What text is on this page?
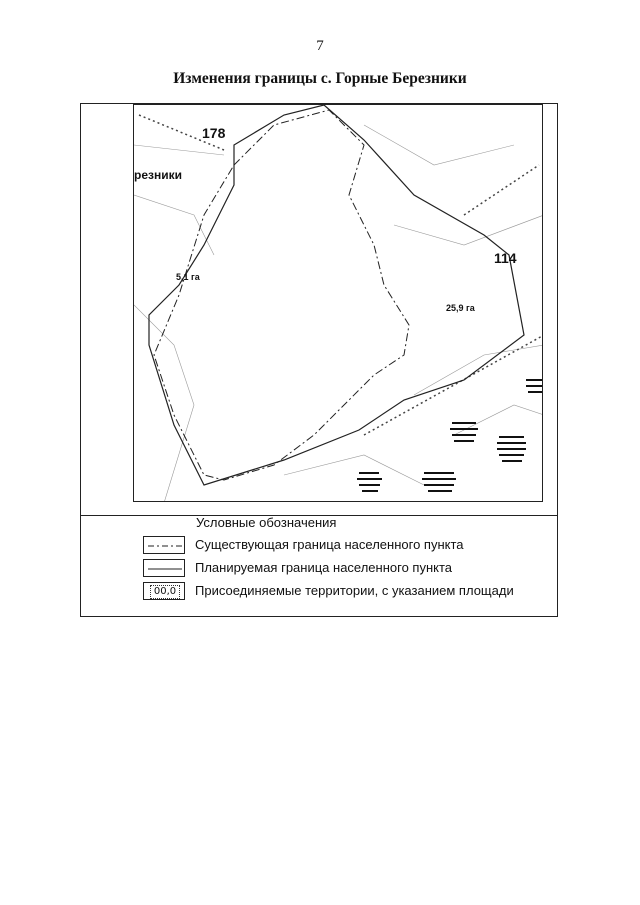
7
Изменения границы с. Горные Березники
178
резники
114
5,1 га
25,9 га
Условные обозначения
Существующая граница населенного пункта
Планируемая граница населенного пункта
00,0 Присоединяемые территории, с указанием площади
